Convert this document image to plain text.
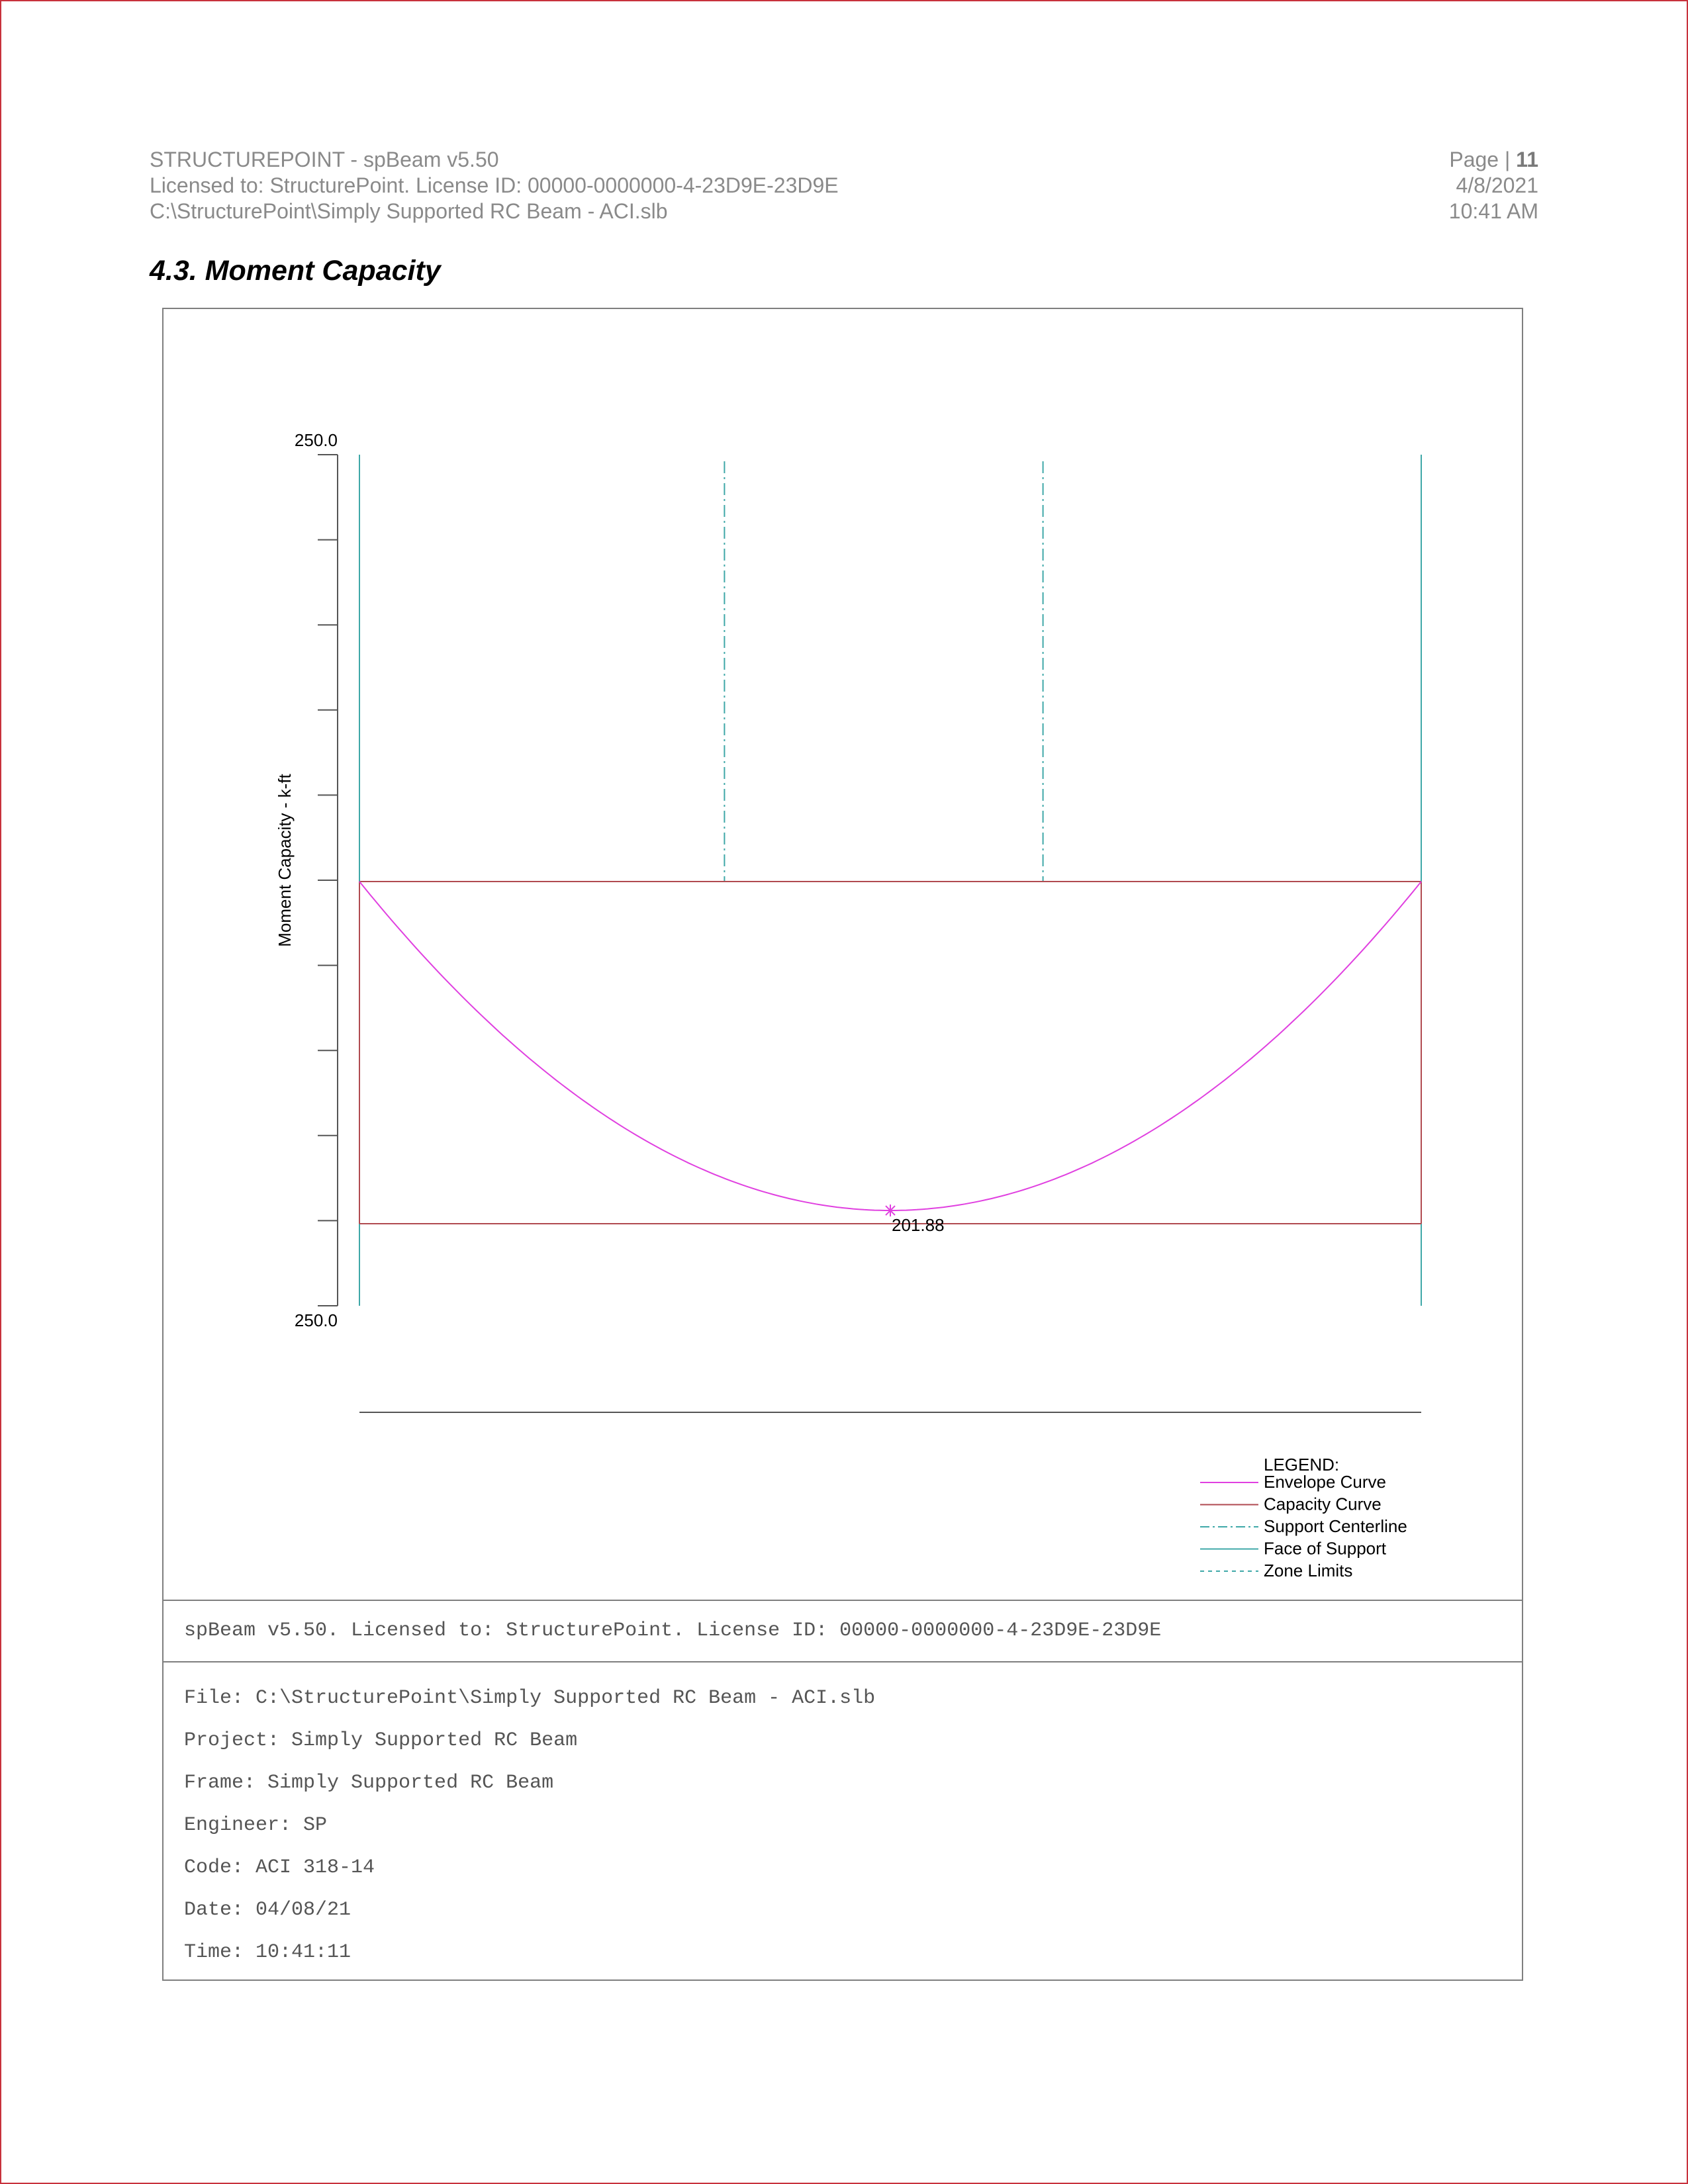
STRUCTUREPOINT - spBeam v5.50
Licensed to: StructurePoint. License ID: 00000-0000000-4-23D9E-23D9E
C:\StructurePoint\Simply Supported RC Beam - ACI.slb
Page | 11
4/8/2021
10:41 AM
4.3. Moment Capacity
250.0
250.0
Moment Capacity - k-ft
201.88
LEGEND:
Envelope Curve
Capacity Curve
Support Centerline
Face of Support
Zone Limits
spBeam v5.50. Licensed to: StructurePoint. License ID: 00000-0000000-4-23D9E-23D9E
File: C:\StructurePoint\Simply Supported RC Beam - ACI.slb
Project: Simply Supported RC Beam
Frame: Simply Supported RC Beam
Engineer: SP
Code: ACI 318-14
Date: 04/08/21
Time: 10:41:11
